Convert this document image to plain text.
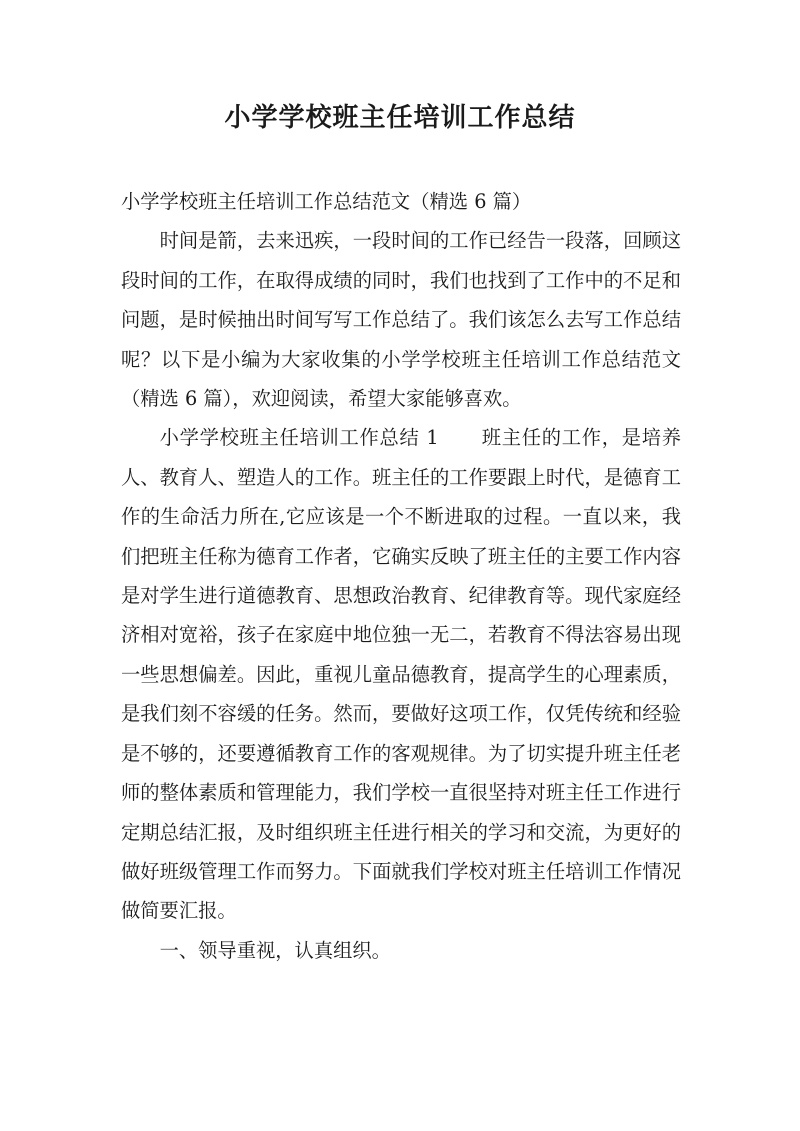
小学学校班主任培训工作总结

小学学校班主任培训工作总结范文（精选 6 篇）

时间是箭，去来迅疾，一段时间的工作已经告一段落，回顾这段时间的工作，在取得成绩的同时，我们也找到了工作中的不足和问题，是时候抽出时间写写工作总结了。我们该怎么去写工作总结呢？以下是小编为大家收集的小学学校班主任培训工作总结范文（精选 6 篇），欢迎阅读，希望大家能够喜欢。

小学学校班主任培训工作总结 1 班主任的工作，是培养人、教育人、塑造人的工作。班主任的工作要跟上时代，是德育工作的生命活力所在,它应该是一个不断进取的过程。一直以来，我们把班主任称为德育工作者，它确实反映了班主任的主要工作内容是对学生进行道德教育、思想政治教育、纪律教育等。现代家庭经济相对宽裕，孩子在家庭中地位独一无二，若教育不得法容易出现一些思想偏差。因此，重视儿童品德教育，提高学生的心理素质，是我们刻不容缓的任务。然而，要做好这项工作，仅凭传统和经验是不够的，还要遵循教育工作的客观规律。为了切实提升班主任老师的整体素质和管理能力，我们学校一直很坚持对班主任工作进行定期总结汇报，及时组织班主任进行相关的学习和交流，为更好的做好班级管理工作而努力。下面就我们学校对班主任培训工作情况做简要汇报。

一、领导重视，认真组织。
